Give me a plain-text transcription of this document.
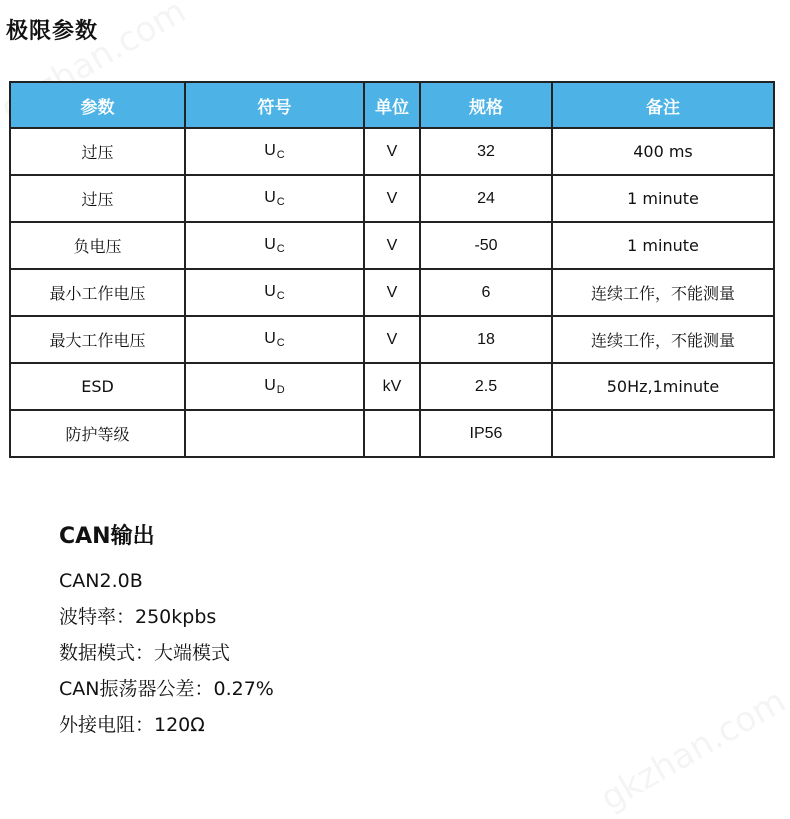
极限参数
参数	符号	单位	规格	备注
过压	$U_C$	V	32	400 ms
过压	$U_C$	V	24	1 minute
负电压	$U_C$	V	-50	1 minute
最小工作电压	$U_C$	V	6	连续工作，不能测量
最大工作电压	$U_C$	V	18	连续工作，不能测量
ESD	$U_D$	kV	2.5	50Hz,1minute
防护等级			IP56	
CAN输出
CAN2.0B
波特率：250kpbs
数据模式：大端模式
CAN振荡器公差：0.27%
外接电阻：120Ω
